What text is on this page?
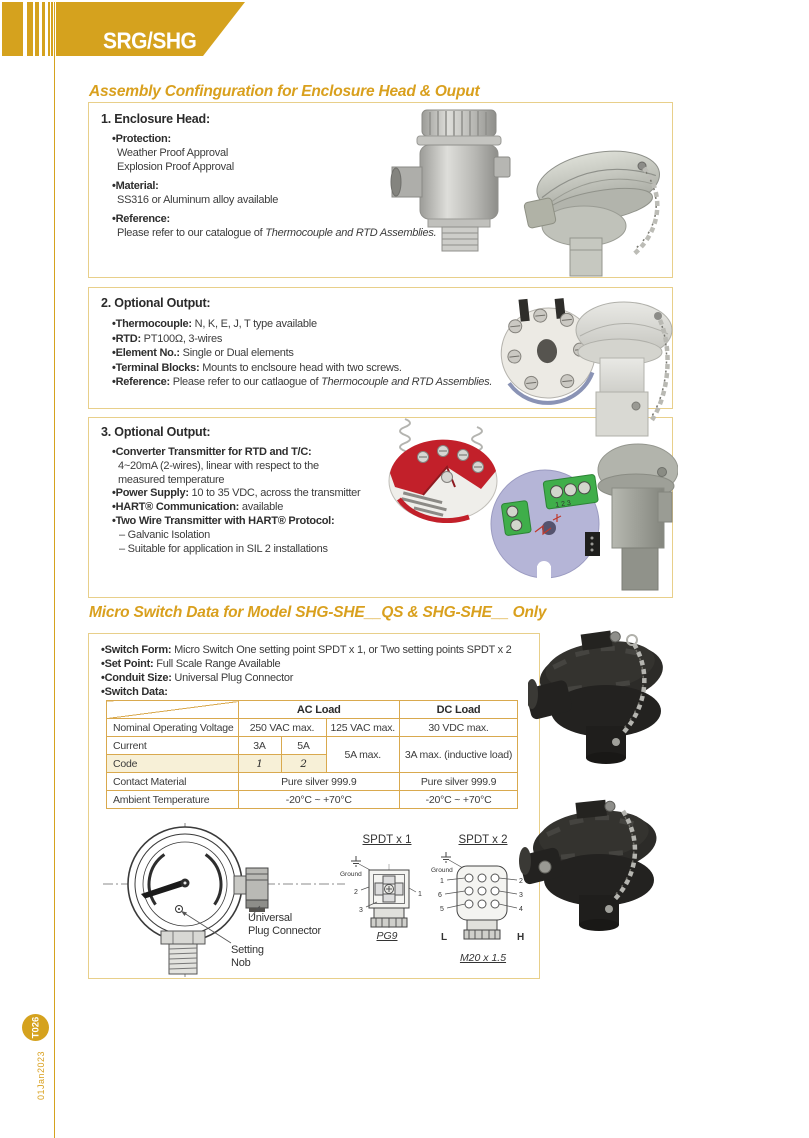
SRG/SHG
T026
01Jan2023
Assembly Confinguration for Enclosure Head & Ouput
1. Enclosure Head:
•Protection:
Weather Proof Approval
Explosion Proof Approval
•Material:
SS316 or Aluminum alloy available
•Reference:
Please refer to our catalogue of Thermocouple and RTD Assemblies.
2. Optional Output:
•Thermocouple: N, K, E, J, T type available
•RTD: PT100Ω, 3-wires
•Element No.: Single or Dual elements
•Terminal Blocks: Mounts to enclsoure head with two screws.
•Reference: Please refer to our catlaogue of Thermocouple and RTD Assemblies.
3. Optional Output:
•Converter Transmitter for RTD and T/C:
4~20mA (2-wires), linear with respect to the
measured temperature
•Power Supply: 10 to 35 VDC, across the transmitter
•HART® Communication: available
•Two Wire Transmitter with HART® Protocol:
– Galvanic Isolation
– Suitable for application in SIL 2 installations
1 2 3
Micro Switch Data for Model SHG-SHE__QS & SHG-SHE__ Only
•Switch Form: Micro Switch One setting point SPDT x 1, or Two setting points SPDT x 2
•Set Point: Full Scale Range Available
•Conduit Size: Universal Plug Connector
•Switch Data:
	AC Load			DC Load
Nominal Operating Voltage	250 VAC max.		125 VAC max.	30 VDC max.
Current	3A	5A	5A max.	3A max. (inductive load)
Code	1	2		
Contact Material	Pure silver 999.9			Pure silver 999.9
Ambient Temperature	-20°C ~ +70°C			-20°C ~ +70°C
Universal
Plug Connector
Setting
Nob
SPDT x 1
Ground
2	1
3
PG9
SPDT x 2
Ground
1
6
5
2
3
4
L	H
M20 x 1.5
